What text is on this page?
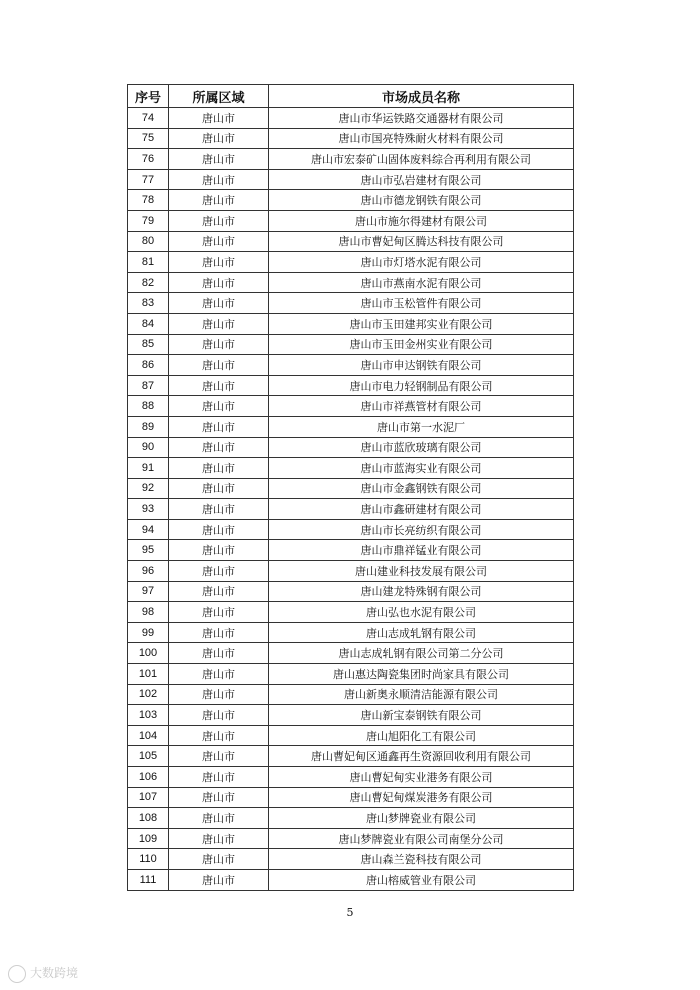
序号	所属区域	市场成员名称
74	唐山市	唐山市华运铁路交通器材有限公司
75	唐山市	唐山市国亮特殊耐火材料有限公司
76	唐山市	唐山市宏泰矿山固体废料综合再利用有限公司
77	唐山市	唐山市弘岩建材有限公司
78	唐山市	唐山市德龙钢铁有限公司
79	唐山市	唐山市施尔得建材有限公司
80	唐山市	唐山市曹妃甸区腾达科技有限公司
81	唐山市	唐山市灯塔水泥有限公司
82	唐山市	唐山市燕南水泥有限公司
83	唐山市	唐山市玉松管件有限公司
84	唐山市	唐山市玉田建邦实业有限公司
85	唐山市	唐山市玉田金州实业有限公司
86	唐山市	唐山市申达钢铁有限公司
87	唐山市	唐山市电力轻钢制品有限公司
88	唐山市	唐山市祥燕管材有限公司
89	唐山市	唐山市第一水泥厂
90	唐山市	唐山市蓝欣玻璃有限公司
91	唐山市	唐山市蓝海实业有限公司
92	唐山市	唐山市金鑫钢铁有限公司
93	唐山市	唐山市鑫研建材有限公司
94	唐山市	唐山市长亮纺织有限公司
95	唐山市	唐山市鼎祥锰业有限公司
96	唐山市	唐山建业科技发展有限公司
97	唐山市	唐山建龙特殊钢有限公司
98	唐山市	唐山弘也水泥有限公司
99	唐山市	唐山志成轧钢有限公司
100	唐山市	唐山志成轧钢有限公司第二分公司
101	唐山市	唐山惠达陶瓷集团时尚家具有限公司
102	唐山市	唐山新奥永顺清洁能源有限公司
103	唐山市	唐山新宝泰钢铁有限公司
104	唐山市	唐山旭阳化工有限公司
105	唐山市	唐山曹妃甸区通鑫再生资源回收利用有限公司
106	唐山市	唐山曹妃甸实业港务有限公司
107	唐山市	唐山曹妃甸煤炭港务有限公司
108	唐山市	唐山梦牌瓷业有限公司
109	唐山市	唐山梦牌瓷业有限公司南堡分公司
110	唐山市	唐山森兰瓷科技有限公司
111	唐山市	唐山榕威管业有限公司
5
大数跨境
